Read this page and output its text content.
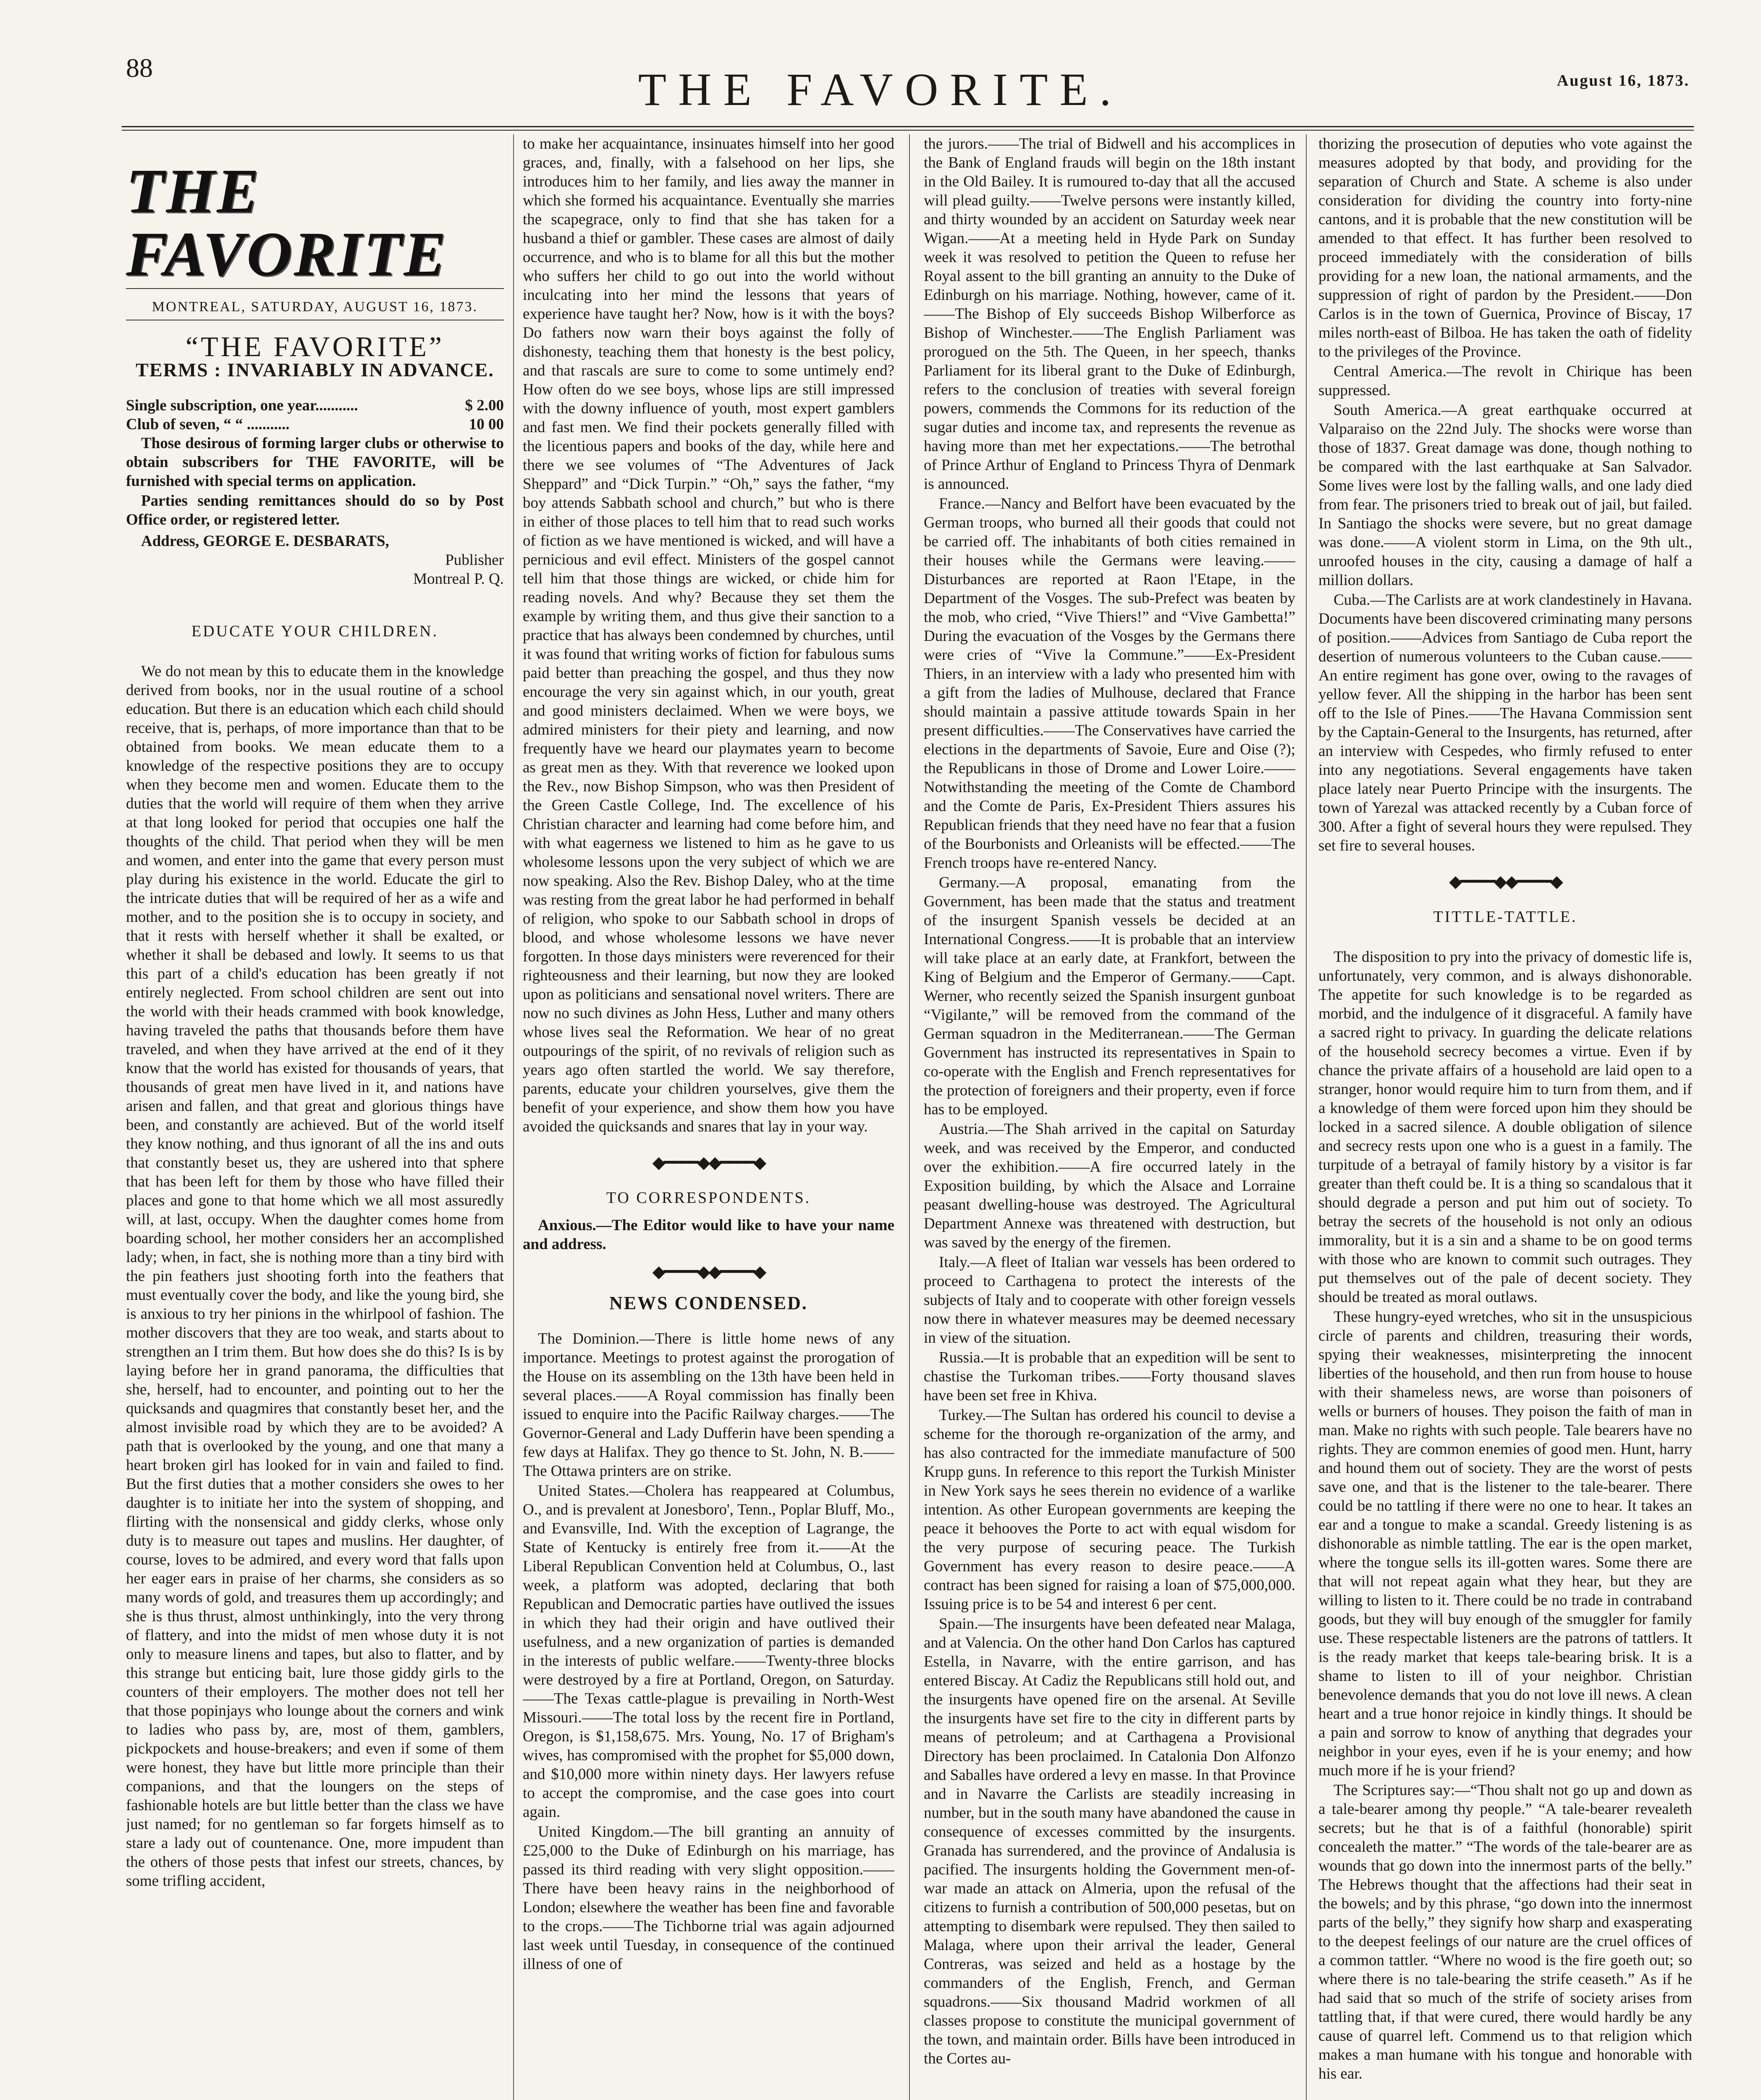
88	THE FAVORITE.	August 16, 1873.
THE FAVORITE
MONTREAL, SATURDAY, AUGUST 16, 1873.
“THE FAVORITE”
TERMS : INVARIABLY IN ADVANCE.
Single subscription, one year...........	$ 2.00
Club of seven, “ “ ...........	10 00

Those desirous of forming larger clubs or otherwise to obtain subscribers for THE FAVORITE, will be furnished with special terms on application.

Parties sending remittances should do so by Post Office order, or registered letter.

Address, GEORGE E. DESBARATS,
Publisher
Montreal P. Q.
EDUCATE YOUR CHILDREN.

We do not mean by this to educate them in the knowledge derived from books, nor in the usual routine of a school education. But there is an education which each child should receive, that is, perhaps, of more importance than that to be obtained from books. We mean educate them to a knowledge of the respective positions they are to occupy when they become men and women. Educate them to the duties that the world will require of them when they arrive at that long looked for period that occupies one half the thoughts of the child. That period when they will be men and women, and enter into the game that every person must play during his existence in the world. Educate the girl to the intricate duties that will be required of her as a wife and mother, and to the position she is to occupy in society, and that it rests with herself whether it shall be exalted, or whether it shall be debased and lowly. It seems to us that this part of a child's education has been greatly if not entirely neglected. From school children are sent out into the world with their heads crammed with book knowledge, having traveled the paths that thousands before them have traveled, and when they have arrived at the end of it they know that the world has existed for thousands of years, that thousands of great men have lived in it, and nations have arisen and fallen, and that great and glorious things have been, and constantly are achieved. But of the world itself they know nothing, and thus ignorant of all the ins and outs that constantly beset us, they are ushered into that sphere that has been left for them by those who have filled their places and gone to that home which we all most assuredly will, at last, occupy. When the daughter comes home from boarding school, her mother considers her an accomplished lady; when, in fact, she is nothing more than a tiny bird with the pin feathers just shooting forth into the feathers that must eventually cover the body, and like the young bird, she is anxious to try her pinions in the whirlpool of fashion. The mother discovers that they are too weak, and starts about to strengthen an I trim them. But how does she do this? Is is by laying before her in grand panorama, the difficulties that she, herself, had to encounter, and pointing out to her the quicksands and quagmires that constantly beset her, and the almost invisible road by which they are to be avoided? A path that is overlooked by the young, and one that many a heart broken girl has looked for in vain and failed to find. But the first duties that a mother considers she owes to her daughter is to initiate her into the system of shopping, and flirting with the nonsensical and giddy clerks, whose only duty is to measure out tapes and muslins. Her daughter, of course, loves to be admired, and every word that falls upon her eager ears in praise of her charms, she considers as so many words of gold, and treasures them up accordingly; and she is thus thrust, almost unthinkingly, into the very throng of flattery, and into the midst of men whose duty it is not only to measure linens and tapes, but also to flatter, and by this strange but enticing bait, lure those giddy girls to the counters of their employers. The mother does not tell her that those popinjays who lounge about the corners and wink to ladies who pass by, are, most of them, gamblers, pickpockets and house-breakers; and even if some of them were honest, they have but little more principle than their companions, and that the loungers on the steps of fashionable hotels are but little better than the class we have just named; for no gentleman so far forgets himself as to stare a lady out of countenance. One, more impudent than the others of those pests that infest our streets, chances, by some trifling accident,

to make her acquaintance, insinuates himself into her good graces, and, finally, with a falsehood on her lips, she introduces him to her family, and lies away the manner in which she formed his acquaintance. Eventually she marries the scapegrace, only to find that she has taken for a husband a thief or gambler. These cases are almost of daily occurrence, and who is to blame for all this but the mother who suffers her child to go out into the world without inculcating into her mind the lessons that years of experience have taught her? Now, how is it with the boys? Do fathers now warn their boys against the folly of dishonesty, teaching them that honesty is the best policy, and that rascals are sure to come to some untimely end? How often do we see boys, whose lips are still impressed with the downy influence of youth, most expert gamblers and fast men. We find their pockets generally filled with the licentious papers and books of the day, while here and there we see volumes of “The Adventures of Jack Sheppard” and “Dick Turpin.” “Oh,” says the father, “my boy attends Sabbath school and church,” but who is there in either of those places to tell him that to read such works of fiction as we have mentioned is wicked, and will have a pernicious and evil effect. Ministers of the gospel cannot tell him that those things are wicked, or chide him for reading novels. And why? Because they set them the example by writing them, and thus give their sanction to a practice that has always been condemned by churches, until it was found that writing works of fiction for fabulous sums paid better than preaching the gospel, and thus they now encourage the very sin against which, in our youth, great and good ministers declaimed. When we were boys, we admired ministers for their piety and learning, and now frequently have we heard our playmates yearn to become as great men as they. With that reverence we looked upon the Rev., now Bishop Simpson, who was then President of the Green Castle College, Ind. The excellence of his Christian character and learning had come before him, and with what eagerness we listened to him as he gave to us wholesome lessons upon the very subject of which we are now speaking. Also the Rev. Bishop Daley, who at the time was resting from the great labor he had performed in behalf of religion, who spoke to our Sabbath school in drops of blood, and whose wholesome lessons we have never forgotten. In those days ministers were reverenced for their righteousness and their learning, but now they are looked upon as politicians and sensational novel writers. There are now no such divines as John Hess, Luther and many others whose lives seal the Reformation. We hear of no great outpourings of the spirit, of no revivals of religion such as years ago often startled the world. We say therefore, parents, educate your children yourselves, give them the benefit of your experience, and show them how you have avoided the quicksands and snares that lay in your way.

◆━━━━◆◆━━━━◆
TO CORRESPONDENTS.

Anxious.—The Editor would like to have your name and address.

◆━━━━◆◆━━━━◆
NEWS CONDENSED.

The Dominion.—There is little home news of any importance. Meetings to protest against the prorogation of the House on its assembling on the 13th have been held in several places.——A Royal commission has finally been issued to enquire into the Pacific Railway charges.——The Governor-General and Lady Dufferin have been spending a few days at Halifax. They go thence to St. John, N. B.——The Ottawa printers are on strike.

United States.—Cholera has reappeared at Columbus, O., and is prevalent at Jonesboro', Tenn., Poplar Bluff, Mo., and Evansville, Ind. With the exception of Lagrange, the State of Kentucky is entirely free from it.——At the Liberal Republican Convention held at Columbus, O., last week, a platform was adopted, declaring that both Republican and Democratic parties have outlived the issues in which they had their origin and have outlived their usefulness, and a new organization of parties is demanded in the interests of public welfare.——Twenty-three blocks were destroyed by a fire at Portland, Oregon, on Saturday.——The Texas cattle-plague is prevailing in North-West Missouri.——The total loss by the recent fire in Portland, Oregon, is $1,158,675. Mrs. Young, No. 17 of Brigham's wives, has compromised with the prophet for $5,000 down, and $10,000 more within ninety days. Her lawyers refuse to accept the compromise, and the case goes into court again.

United Kingdom.—The bill granting an annuity of £25,000 to the Duke of Edinburgh on his marriage, has passed its third reading with very slight opposition.——There have been heavy rains in the neighborhood of London; elsewhere the weather has been fine and favorable to the crops.——The Tichborne trial was again adjourned last week until Tuesday, in consequence of the continued illness of one of

the jurors.——The trial of Bidwell and his accomplices in the Bank of England frauds will begin on the 18th instant in the Old Bailey. It is rumoured to-day that all the accused will plead guilty.——Twelve persons were instantly killed, and thirty wounded by an accident on Saturday week near Wigan.——At a meeting held in Hyde Park on Sunday week it was resolved to petition the Queen to refuse her Royal assent to the bill granting an annuity to the Duke of Edinburgh on his marriage. Nothing, however, came of it.——The Bishop of Ely succeeds Bishop Wilberforce as Bishop of Winchester.——The English Parliament was prorogued on the 5th. The Queen, in her speech, thanks Parliament for its liberal grant to the Duke of Edinburgh, refers to the conclusion of treaties with several foreign powers, commends the Commons for its reduction of the sugar duties and income tax, and represents the revenue as having more than met her expectations.——The betrothal of Prince Arthur of England to Princess Thyra of Denmark is announced.

France.—Nancy and Belfort have been evacuated by the German troops, who burned all their goods that could not be carried off. The inhabitants of both cities remained in their houses while the Germans were leaving.——Disturbances are reported at Raon l'Etape, in the Department of the Vosges. The sub-Prefect was beaten by the mob, who cried, “Vive Thiers!” and “Vive Gambetta!” During the evacuation of the Vosges by the Germans there were cries of “Vive la Commune.”——Ex-President Thiers, in an interview with a lady who presented him with a gift from the ladies of Mulhouse, declared that France should maintain a passive attitude towards Spain in her present difficulties.——The Conservatives have carried the elections in the departments of Savoie, Eure and Oise (?); the Republicans in those of Drome and Lower Loire.——Notwithstanding the meeting of the Comte de Chambord and the Comte de Paris, Ex-President Thiers assures his Republican friends that they need have no fear that a fusion of the Bourbonists and Orleanists will be effected.——The French troops have re-entered Nancy.

Germany.—A proposal, emanating from the Government, has been made that the status and treatment of the insurgent Spanish vessels be decided at an International Congress.——It is probable that an interview will take place at an early date, at Frankfort, between the King of Belgium and the Emperor of Germany.——Capt. Werner, who recently seized the Spanish insurgent gunboat “Vigilante,” will be removed from the command of the German squadron in the Mediterranean.——The German Government has instructed its representatives in Spain to co-operate with the English and French representatives for the protection of foreigners and their property, even if force has to be employed.

Austria.—The Shah arrived in the capital on Saturday week, and was received by the Emperor, and conducted over the exhibition.——A fire occurred lately in the Exposition building, by which the Alsace and Lorraine peasant dwelling-house was destroyed. The Agricultural Department Annexe was threatened with destruction, but was saved by the energy of the firemen.

Italy.—A fleet of Italian war vessels has been ordered to proceed to Carthagena to protect the interests of the subjects of Italy and to cooperate with other foreign vessels now there in whatever measures may be deemed necessary in view of the situation.

Russia.—It is probable that an expedition will be sent to chastise the Turkoman tribes.——Forty thousand slaves have been set free in Khiva.

Turkey.—The Sultan has ordered his council to devise a scheme for the thorough re-organization of the army, and has also contracted for the immediate manufacture of 500 Krupp guns. In reference to this report the Turkish Minister in New York says he sees therein no evidence of a warlike intention. As other European governments are keeping the peace it behooves the Porte to act with equal wisdom for the very purpose of securing peace. The Turkish Government has every reason to desire peace.——A contract has been signed for raising a loan of $75,000,000. Issuing price is to be 54 and interest 6 per cent.

Spain.—The insurgents have been defeated near Malaga, and at Valencia. On the other hand Don Carlos has captured Estella, in Navarre, with the entire garrison, and has entered Biscay. At Cadiz the Republicans still hold out, and the insurgents have opened fire on the arsenal. At Seville the insurgents have set fire to the city in different parts by means of petroleum; and at Carthagena a Provisional Directory has been proclaimed. In Catalonia Don Alfonzo and Saballes have ordered a levy en masse. In that Province and in Navarre the Carlists are steadily increasing in number, but in the south many have abandoned the cause in consequence of excesses committed by the insurgents. Granada has surrendered, and the province of Andalusia is pacified. The insurgents holding the Government men-of-war made an attack on Almeria, upon the refusal of the citizens to furnish a contribution of 500,000 pesetas, but on attempting to disembark were repulsed. They then sailed to Malaga, where upon their arrival the leader, General Contreras, was seized and held as a hostage by the commanders of the English, French, and German squadrons.——Six thousand Madrid workmen of all classes propose to constitute the municipal government of the town, and maintain order. Bills have been introduced in the Cortes au-

thorizing the prosecution of deputies who vote against the measures adopted by that body, and providing for the separation of Church and State. A scheme is also under consideration for dividing the country into forty-nine cantons, and it is probable that the new constitution will be amended to that effect. It has further been resolved to proceed immediately with the consideration of bills providing for a new loan, the national armaments, and the suppression of right of pardon by the President.——Don Carlos is in the town of Guernica, Province of Biscay, 17 miles north-east of Bilboa. He has taken the oath of fidelity to the privileges of the Province.

Central America.—The revolt in Chirique has been suppressed.

South America.—A great earthquake occurred at Valparaiso on the 22nd July. The shocks were worse than those of 1837. Great damage was done, though nothing to be compared with the last earthquake at San Salvador. Some lives were lost by the falling walls, and one lady died from fear. The prisoners tried to break out of jail, but failed. In Santiago the shocks were severe, but no great damage was done.——A violent storm in Lima, on the 9th ult., unroofed houses in the city, causing a damage of half a million dollars.

Cuba.—The Carlists are at work clandestinely in Havana. Documents have been discovered criminating many persons of position.——Advices from Santiago de Cuba report the desertion of numerous volunteers to the Cuban cause.——An entire regiment has gone over, owing to the ravages of yellow fever. All the shipping in the harbor has been sent off to the Isle of Pines.——The Havana Commission sent by the Captain-General to the Insurgents, has returned, after an interview with Cespedes, who firmly refused to enter into any negotiations. Several engagements have taken place lately near Puerto Principe with the insurgents. The town of Yarezal was attacked recently by a Cuban force of 300. After a fight of several hours they were repulsed. They set fire to several houses.

◆━━━━◆◆━━━━◆
TITTLE-TATTLE.

The disposition to pry into the privacy of domestic life is, unfortunately, very common, and is always dishonorable. The appetite for such knowledge is to be regarded as morbid, and the indulgence of it disgraceful. A family have a sacred right to privacy. In guarding the delicate relations of the household secrecy becomes a virtue. Even if by chance the private affairs of a household are laid open to a stranger, honor would require him to turn from them, and if a knowledge of them were forced upon him they should be locked in a sacred silence. A double obligation of silence and secrecy rests upon one who is a guest in a family. The turpitude of a betrayal of family history by a visitor is far greater than theft could be. It is a thing so scandalous that it should degrade a person and put him out of society. To betray the secrets of the household is not only an odious immorality, but it is a sin and a shame to be on good terms with those who are known to commit such outrages. They put themselves out of the pale of decent society. They should be treated as moral outlaws.

These hungry-eyed wretches, who sit in the unsuspicious circle of parents and children, treasuring their words, spying their weaknesses, misinterpreting the innocent liberties of the household, and then run from house to house with their shameless news, are worse than poisoners of wells or burners of houses. They poison the faith of man in man. Make no rights with such people. Tale bearers have no rights. They are common enemies of good men. Hunt, harry and hound them out of society. They are the worst of pests save one, and that is the listener to the tale-bearer. There could be no tattling if there were no one to hear. It takes an ear and a tongue to make a scandal. Greedy listening is as dishonorable as nimble tattling. The ear is the open market, where the tongue sells its ill-gotten wares. Some there are that will not repeat again what they hear, but they are willing to listen to it. There could be no trade in contraband goods, but they will buy enough of the smuggler for family use. These respectable listeners are the patrons of tattlers. It is the ready market that keeps tale-bearing brisk. It is a shame to listen to ill of your neighbor. Christian benevolence demands that you do not love ill news. A clean heart and a true honor rejoice in kindly things. It should be a pain and sorrow to know of anything that degrades your neighbor in your eyes, even if he is your enemy; and how much more if he is your friend?

The Scriptures say:—“Thou shalt not go up and down as a tale-bearer among thy people.” “A tale-bearer revealeth secrets; but he that is of a faithful (honorable) spirit concealeth the matter.” “The words of the tale-bearer are as wounds that go down into the innermost parts of the belly.” The Hebrews thought that the affections had their seat in the bowels; and by this phrase, “go down into the innermost parts of the belly,” they signify how sharp and exasperating to the deepest feelings of our nature are the cruel offices of a common tattler. “Where no wood is the fire goeth out; so where there is no tale-bearing the strife ceaseth.” As if he had said that so much of the strife of society arises from tattling that, if that were cured, there would hardly be any cause of quarrel left. Commend us to that religion which makes a man humane with his tongue and honorable with his ear.
